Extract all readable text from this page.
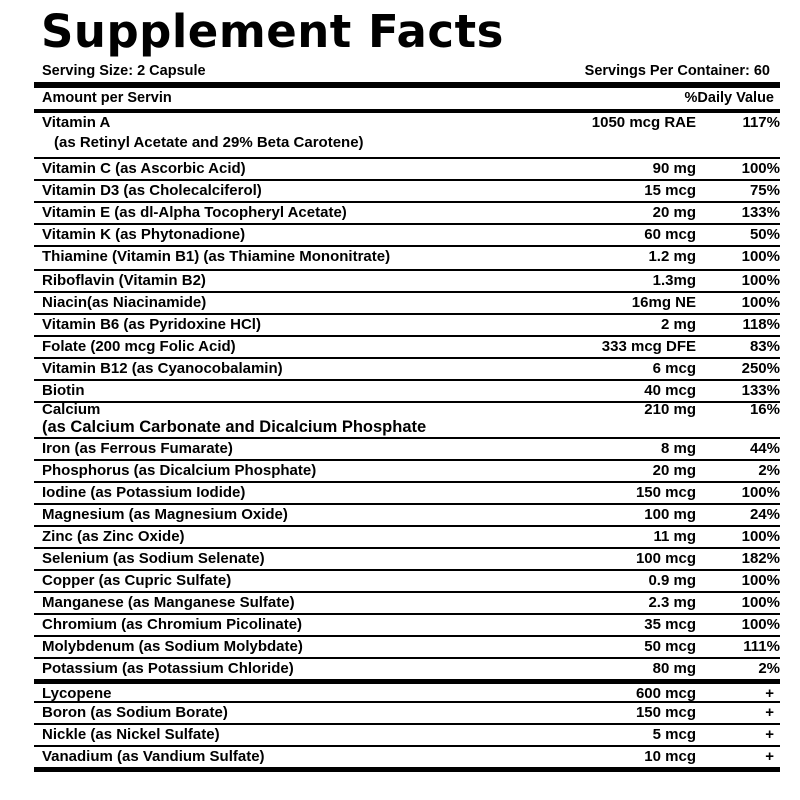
Supplement Facts
Serving Size: 2 Capsule	Servings Per Container: 60
Amount per Servin	%Daily Value
Vitamin A
(as Retinyl Acetate and 29% Beta Carotene)
1050 mcg RAE	117%
Vitamin C (as Ascorbic Acid)	90 mg	100%
Vitamin D3 (as Cholecalciferol)	15 mcg	75%
Vitamin E (as dl-Alpha Tocopheryl Acetate)	20 mg	133%
Vitamin K (as Phytonadione)	60 mcg	50%
Thiamine (Vitamin B1) (as Thiamine Mononitrate)	1.2 mg	100%
Riboflavin (Vitamin B2)	1.3mg	100%
Niacin(as Niacinamide)	16mg NE	100%
Vitamin B6 (as Pyridoxine HCl)	2 mg	118%
Folate (200 mcg Folic Acid)	333 mcg DFE	83%
Vitamin B12 (as Cyanocobalamin)	6 mcg	250%
Biotin	40 mcg	133%
Calcium
(as Calcium Carbonate and Dicalcium Phosphate
210 mg	16%
Iron (as Ferrous Fumarate)	8 mg	44%
Phosphorus (as Dicalcium Phosphate)	20 mg	2%
Iodine (as Potassium Iodide)	150 mcg	100%
Magnesium (as Magnesium Oxide)	100 mg	24%
Zinc (as Zinc Oxide)	11 mg	100%
Selenium (as Sodium Selenate)	100 mcg	182%
Copper (as Cupric Sulfate)	0.9 mg	100%
Manganese (as Manganese Sulfate)	2.3 mg	100%
Chromium (as Chromium Picolinate)	35 mcg	100%
Molybdenum (as Sodium Molybdate)	50 mcg	111%
Potassium (as Potassium Chloride)	80 mg	2%
Lycopene	600 mcg	+
Boron (as Sodium Borate)	150 mcg	+
Nickle (as Nickel Sulfate)	5 mcg	+
Vanadium (as Vandium Sulfate)	10 mcg	+
